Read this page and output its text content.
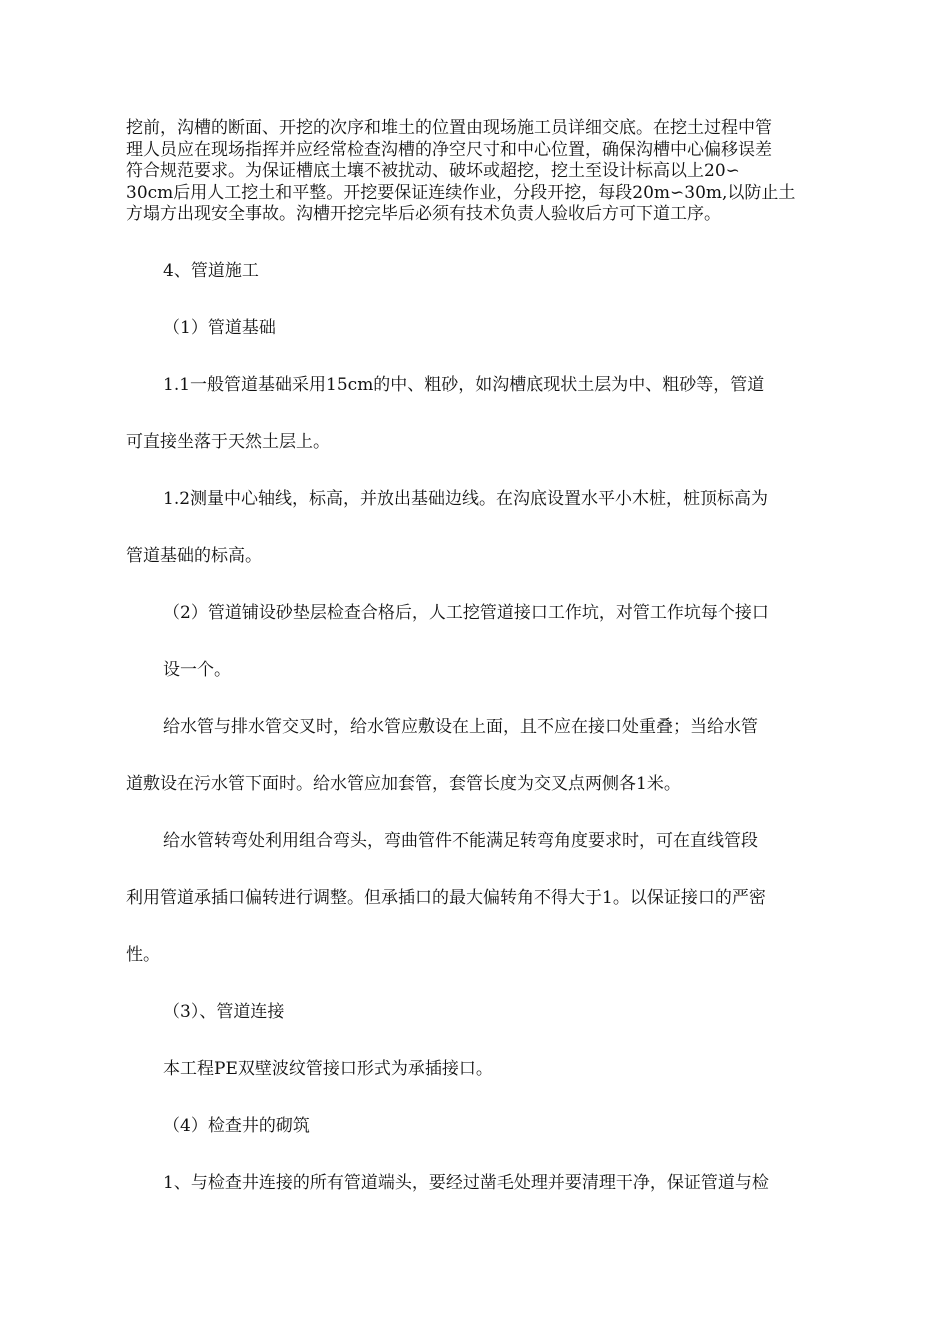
挖前，沟槽的断面、开挖的次序和堆土的位置由现场施工员详细交底。在挖土过程中管
理人员应在现场指挥并应经常检查沟槽的净空尺寸和中心位置，确保沟槽中心偏移误差
符合规范要求。为保证槽底土壤不被扰动、破坏或超挖，挖土至设计标高以上20∽
30cm后用人工挖土和平整。开挖要保证连续作业，分段开挖，每段20m∽30m,以防止土
方塌方出现安全事故。沟槽开挖完毕后必须有技术负责人验收后方可下道工序。
4、管道施工
（1）管道基础
1.1一般管道基础采用15cm的中、粗砂，如沟槽底现状土层为中、粗砂等，管道
可直接坐落于天然土层上。
1.2测量中心轴线，标高，并放出基础边线。在沟底设置水平小木桩，桩顶标高为
管道基础的标高。
（2）管道铺设砂垫层检查合格后，人工挖管道接口工作坑，对管工作坑每个接口
设一个。
给水管与排水管交叉时，给水管应敷设在上面，且不应在接口处重叠；当给水管
道敷设在污水管下面时。给水管应加套管，套管长度为交叉点两侧各1米。
给水管转弯处利用组合弯头，弯曲管件不能满足转弯角度要求时，可在直线管段
利用管道承插口偏转进行调整。但承插口的最大偏转角不得大于1。以保证接口的严密
性。
（3）、管道连接
本工程PE双壁波纹管接口形式为承插接口。
（4）检查井的砌筑
1、与检查井连接的所有管道端头，要经过凿毛处理并要清理干净，保证管道与检
